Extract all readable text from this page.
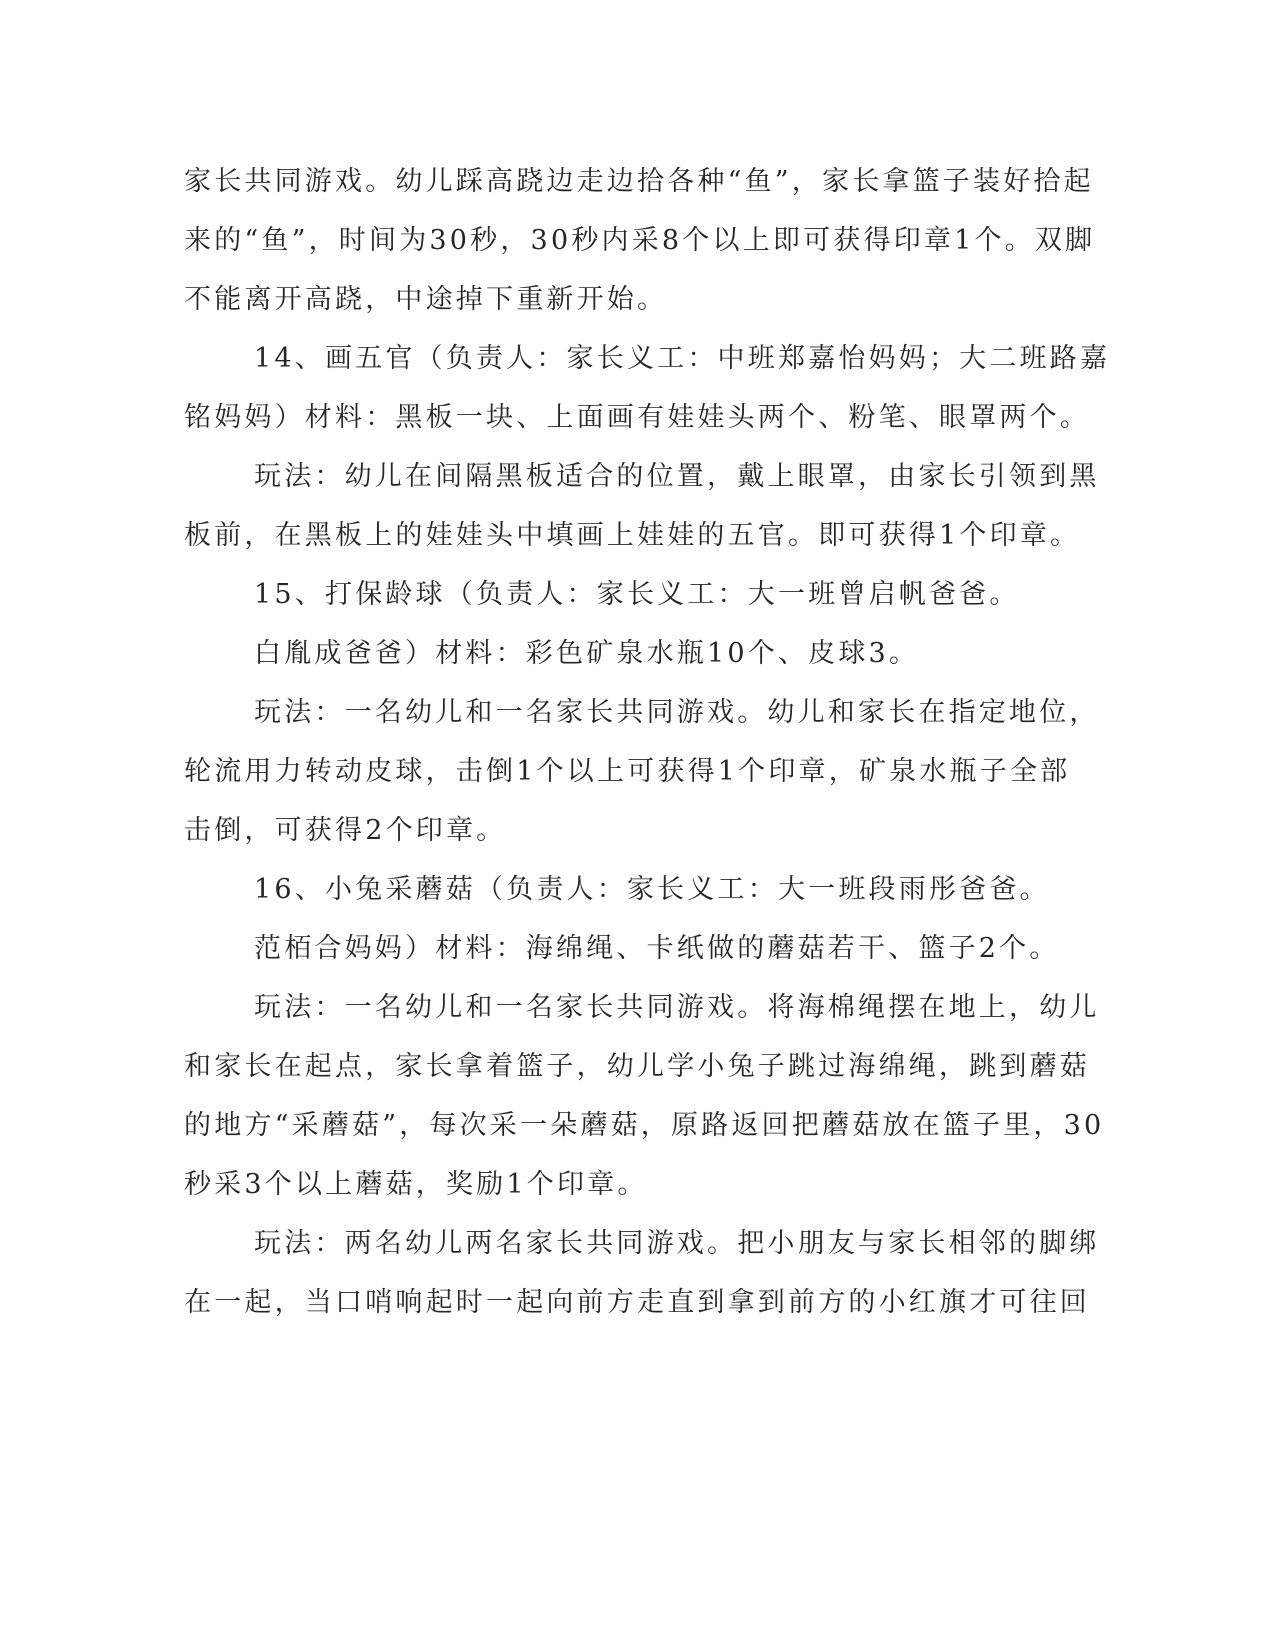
家长共同游戏。幼儿踩高跷边走边拾各种“鱼”，家长拿篮子装好拾起
来的“鱼”，时间为30秒，30秒内采8个以上即可获得印章1个。双脚
不能离开高跷，中途掉下重新开始。
14、画五官（负责人：家长义工：中班郑嘉怡妈妈；大二班路嘉
铭妈妈）材料：黑板一块、上面画有娃娃头两个、粉笔、眼罩两个。
玩法：幼儿在间隔黑板适合的位置，戴上眼罩，由家长引领到黑
板前，在黑板上的娃娃头中填画上娃娃的五官。即可获得1个印章。
15、打保龄球（负责人：家长义工：大一班曾启帆爸爸。
白胤成爸爸）材料：彩色矿泉水瓶10个、皮球3。
玩法：一名幼儿和一名家长共同游戏。幼儿和家长在指定地位，
轮流用力转动皮球，击倒1个以上可获得1个印章，矿泉水瓶子全部
击倒，可获得2个印章。
16、小兔采蘑菇（负责人：家长义工：大一班段雨彤爸爸。
范栢合妈妈）材料：海绵绳、卡纸做的蘑菇若干、篮子2个。
玩法：一名幼儿和一名家长共同游戏。将海棉绳摆在地上，幼儿
和家长在起点，家长拿着篮子，幼儿学小兔子跳过海绵绳，跳到蘑菇
的地方“采蘑菇”，每次采一朵蘑菇，原路返回把蘑菇放在篮子里，30
秒采3个以上蘑菇，奖励1个印章。
玩法：两名幼儿两名家长共同游戏。把小朋友与家长相邻的脚绑
在一起，当口哨响起时一起向前方走直到拿到前方的小红旗才可往回
